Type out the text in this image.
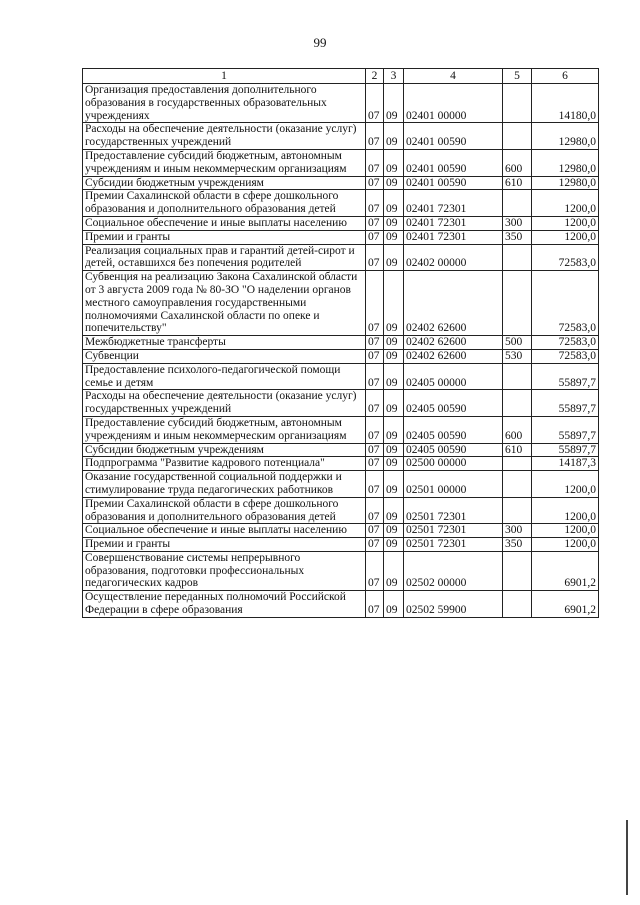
99
1	2	3	4	5	6
Организация предоставления дополнительного образования в государственных образовательных учреждениях	07	09	02401 00000		14180,0
Расходы на обеспечение деятельности (оказание услуг) государственных учреждений	07	09	02401 00590		12980,0
Предоставление субсидий бюджетным, автономным учреждениям и иным некоммерческим организациям	07	09	02401 00590	600	12980,0
Субсидии бюджетным учреждениям	07	09	02401 00590	610	12980,0
Премии Сахалинской области в сфере дошкольного образования и дополнительного образования детей	07	09	02401 72301		1200,0
Социальное обеспечение и иные выплаты населению	07	09	02401 72301	300	1200,0
Премии и гранты	07	09	02401 72301	350	1200,0
Реализация социальных прав и гарантий детей-сирот и детей, оставшихся без попечения родителей	07	09	02402 00000		72583,0
Субвенция на реализацию Закона Сахалинской области от 3 августа 2009 года № 80-ЗО "О наделении органов местного самоуправления государственными полномочиями Сахалинской области по опеке и попечительству"	07	09	02402 62600		72583,0
Межбюджетные трансферты	07	09	02402 62600	500	72583,0
Субвенции	07	09	02402 62600	530	72583,0
Предоставление психолого-педагогической помощи семье и детям	07	09	02405 00000		55897,7
Расходы на обеспечение деятельности (оказание услуг) государственных учреждений	07	09	02405 00590		55897,7
Предоставление субсидий бюджетным, автономным учреждениям и иным некоммерческим организациям	07	09	02405 00590	600	55897,7
Субсидии бюджетным учреждениям	07	09	02405 00590	610	55897,7
Подпрограмма "Развитие кадрового потенциала"	07	09	02500 00000		14187,3
Оказание государственной социальной поддержки и стимулирование труда педагогических работников	07	09	02501 00000		1200,0
Премии Сахалинской области в сфере дошкольного образования и дополнительного образования детей	07	09	02501 72301		1200,0
Социальное обеспечение и иные выплаты населению	07	09	02501 72301	300	1200,0
Премии и гранты	07	09	02501 72301	350	1200,0
Совершенствование системы непрерывного образования, подготовки профессиональных педагогических кадров	07	09	02502 00000		6901,2
Осуществление переданных полномочий Российской Федерации в сфере образования	07	09	02502 59900		6901,2
